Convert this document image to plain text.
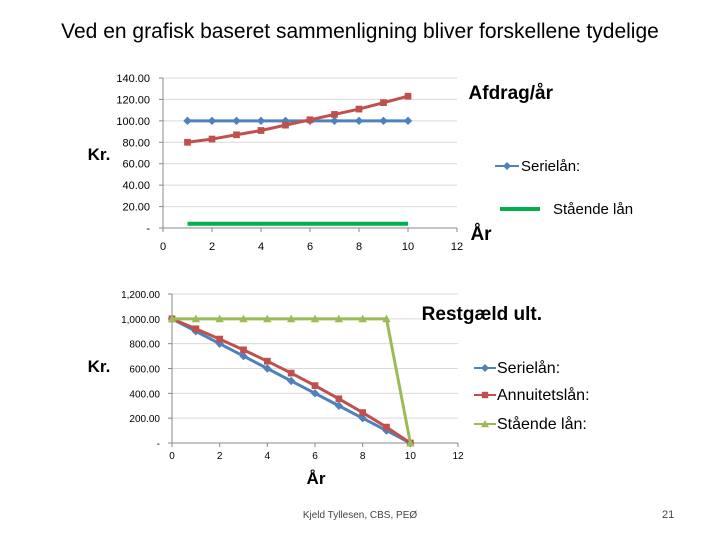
Ved en grafisk baseret sammenligning bliver forskellene tydelige
-
20.00
40.00
60.00
80.00
100.00
120.00
140.00
0	2	4	6	8	10	12
Serielån:
Stående lån
Afdrag/år
År
Kr.
-
200.00
400.00
600.00
800.00
1,000.00
1,200.00
0	2	4	6	8	10	12
Serielån:
Annuitetslån:
Stående lån:
Restgæld ult.
År
Kr.
Kjeld Tyllesen, CBS, PEØ	21
